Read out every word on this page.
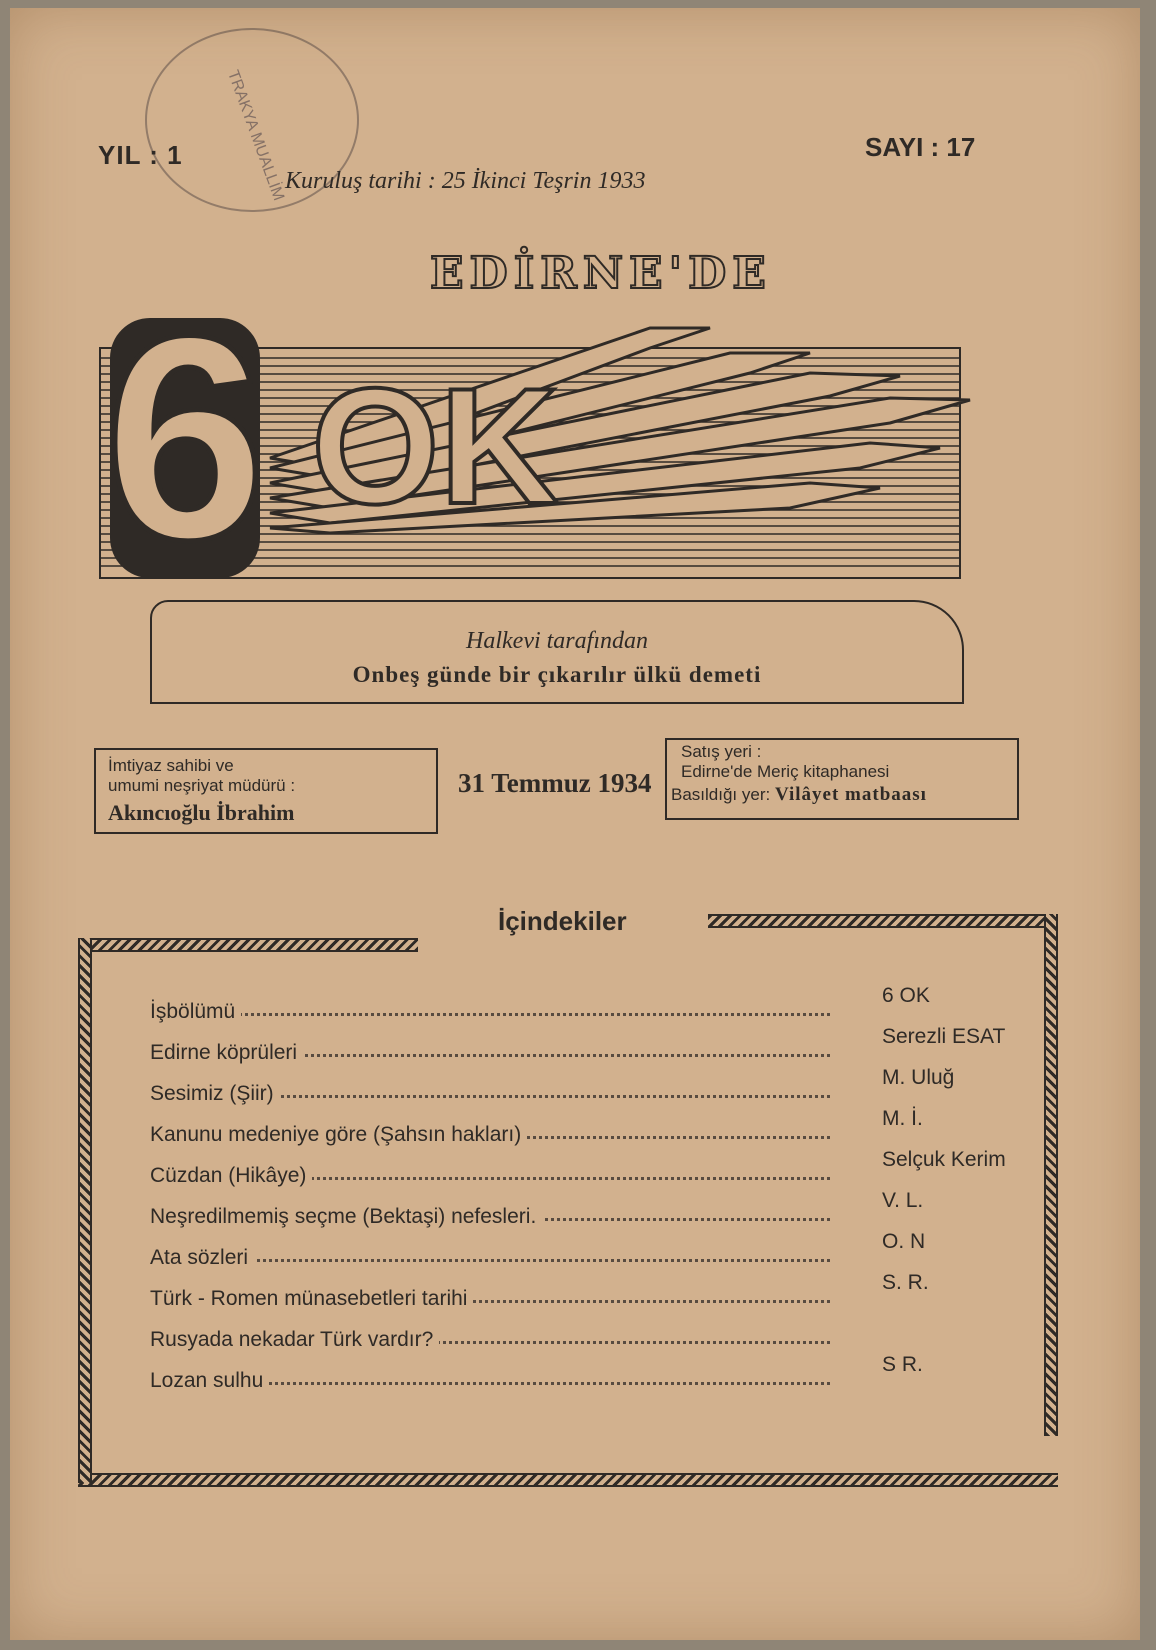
TRAKYA MUALLİM
YIL : 1	SAYI : 17
Kuruluş tarihi : 25 İkinci Teşrin 1933
EDİRNE'DE
6 OK
Halkevi tarafından
Onbeş günde bir çıkarılır ülkü demeti
İmtiyaz sahibi ve
umumi neşriyat müdürü :
Akıncıoğlu İbrahim
31 Temmuz 1934
Satış yeri :
Edirne'de Meriç kitaphanesi
Basıldığı yer: Vilâyet matbaası
İçindekiler
İşbölümü
6 OK
Edirne köprüleri
Serezli ESAT
Sesimiz (Şiir)
M. Uluğ
Kanunu medeniye göre (Şahsın hakları)
M. İ.
Cüzdan (Hikâye)
Selçuk Kerim
Neşredilmemiş seçme (Bektaşi) nefesleri.
V. L.
Ata sözleri
O. N
Türk - Romen münasebetleri tarihi
S. R.
Rusyada nekadar Türk vardır?
Lozan sulhu
S R.
